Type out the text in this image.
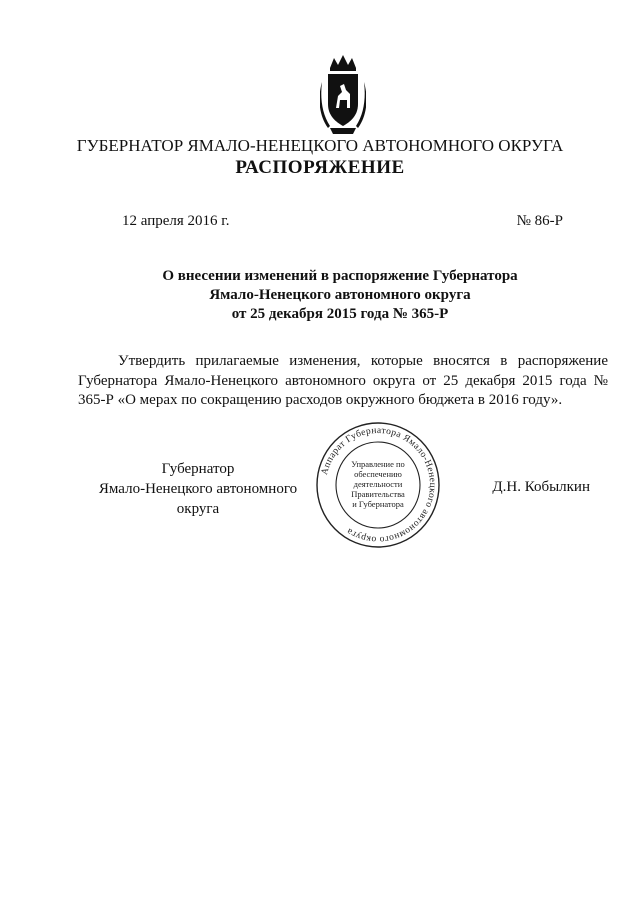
ГУБЕРНАТОР ЯМАЛО-НЕНЕЦКОГО АВТОНОМНОГО ОКРУГА
РАСПОРЯЖЕНИЕ
12 апреля 2016 г.	№ 86-Р
О внесении изменений в распоряжение Губернатора
Ямало-Ненецкого автономного округа
от 25 декабря 2015 года № 365-Р
Утвердить прилагаемые изменения, которые вносятся в распоряжение Губернатора Ямало-Ненецкого автономного округа от 25 декабря 2015 года № 365-Р «О мерах по сокращению расходов окружного бюджета в 2016 году».
Губернатор
Ямало-Ненецкого автономного округа
Аппарат Губернатора Ямало-Ненецкого автономного округа
Управление по
обеспечению
деятельности
Правительства
и Губернатора
Д.Н. Кобылкин
